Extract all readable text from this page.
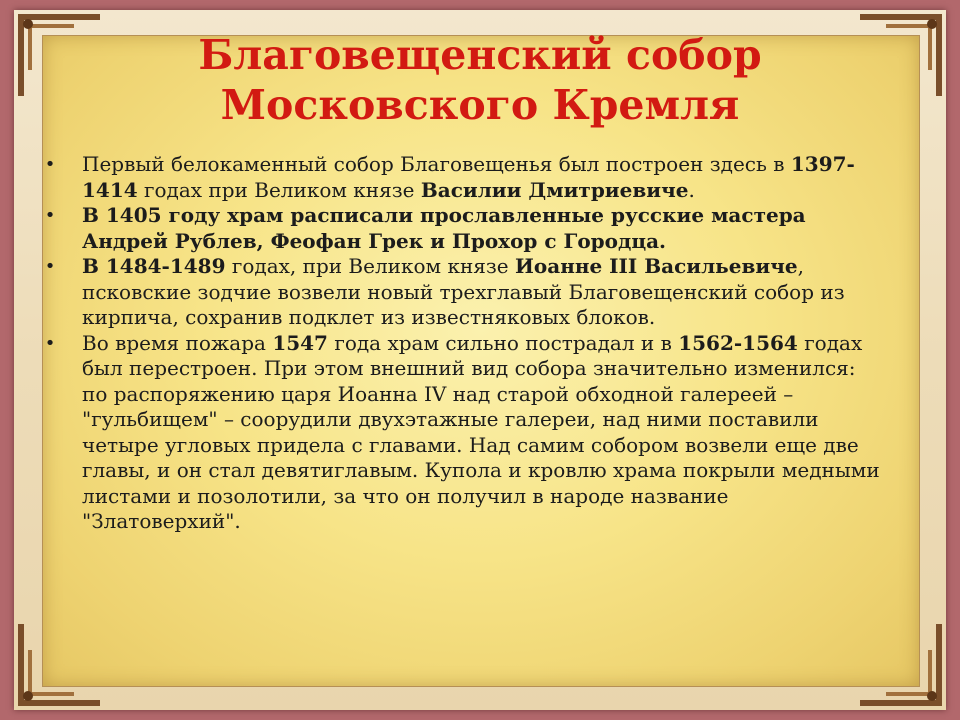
Благовещенский собор
Московского Кремля
• Первый белокаменный собор Благовещенья был построен здесь в 1397-1414 годах при Великом князе Василии Дмитриевиче.
• В 1405 году храм расписали прославленные русские мастера Андрей Рублев, Феофан Грек и Прохор с Городца.
• В 1484-1489 годах, при Великом князе Иоанне III Васильевиче, псковские зодчие возвели новый трехглавый Благовещенский собор из кирпича, сохранив подклет из известняковых блоков.
• Во время пожара 1547 года храм сильно пострадал и в 1562-1564 годах был перестроен. При этом внешний вид собора значительно изменился: по распоряжению царя Иоанна IV над старой обходной галереей – "гульбищем" – соорудили двухэтажные галереи, над ними поставили четыре угловых придела с главами. Над самим собором возвели еще две главы, и он стал девятиглавым. Купола и кровлю храма покрыли медными листами и позолотили, за что он получил в народе название "Златоверхий".
